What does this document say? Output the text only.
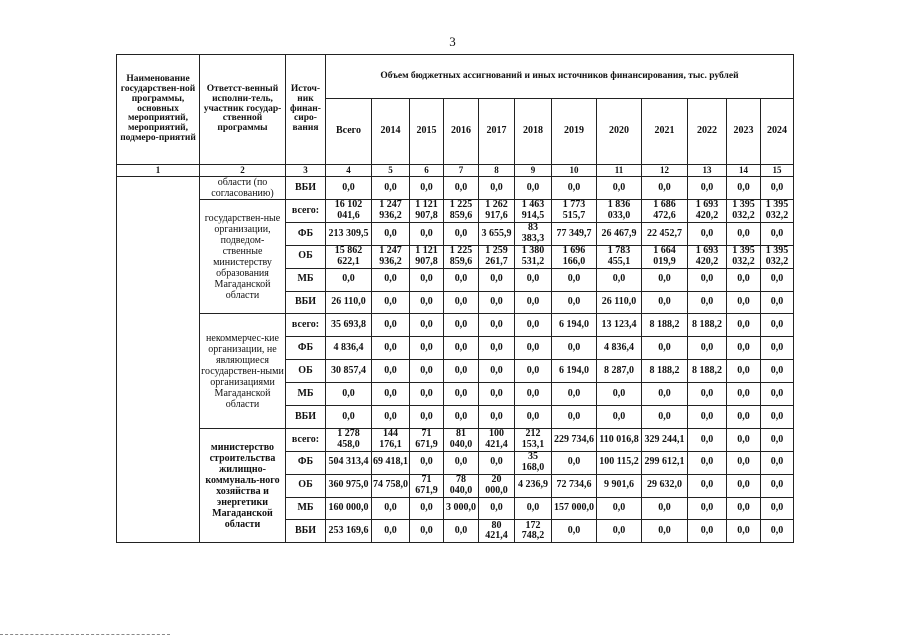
3
Наименование государствен-ной программы, основных мероприятий, мероприятий, подмеро-приятий	Ответст-венный исполни-тель, участник государ-ственной программы	Источ-ник финан-сиро-вания	Объем бюджетных ассигнований и иных источников финансирования, тыс. рублей											
			Всего	2014	2015	2016	2017	2018	2019	2020	2021	2022	2023	2024
1	2	3	4	5	6	7	8	9	10	11	12	13	14	15
	области (по согласованию)	ВБИ	0,0	0,0	0,0	0,0	0,0	0,0	0,0	0,0	0,0	0,0	0,0	0,0
	государствен-ные организации, подведом-ственные министерству образования Магаданской области	всего:	16 102 041,6	1 247 936,2	1 121 907,8	1 225 859,6	1 262 917,6	1 463 914,5	1 773 515,7	1 836 033,0	1 686 472,6	1 693 420,2	1 395 032,2	1 395 032,2
		ФБ	213 309,5	0,0	0,0	0,0	3 655,9	83 383,3	77 349,7	26 467,9	22 452,7	0,0	0,0	0,0
		ОБ	15 862 622,1	1 247 936,2	1 121 907,8	1 225 859,6	1 259 261,7	1 380 531,2	1 696 166,0	1 783 455,1	1 664 019,9	1 693 420,2	1 395 032,2	1 395 032,2
		МБ	0,0	0,0	0,0	0,0	0,0	0,0	0,0	0,0	0,0	0,0	0,0	0,0
		ВБИ	26 110,0	0,0	0,0	0,0	0,0	0,0	0,0	26 110,0	0,0	0,0	0,0	0,0
	некоммерчес-кие организации, не являющиеся государствен-ными организациями Магаданской области	всего:	35 693,8	0,0	0,0	0,0	0,0	0,0	6 194,0	13 123,4	8 188,2	8 188,2	0,0	0,0
		ФБ	4 836,4	0,0	0,0	0,0	0,0	0,0	0,0	4 836,4	0,0	0,0	0,0	0,0
		ОБ	30 857,4	0,0	0,0	0,0	0,0	0,0	6 194,0	8 287,0	8 188,2	8 188,2	0,0	0,0
		МБ	0,0	0,0	0,0	0,0	0,0	0,0	0,0	0,0	0,0	0,0	0,0	0,0
		ВБИ	0,0	0,0	0,0	0,0	0,0	0,0	0,0	0,0	0,0	0,0	0,0	0,0
	министерство строительства жилищно-коммуналь-ного хозяйства и энергетики Магаданской области	всего:	1 278 458,0	144 176,1	71 671,9	81 040,0	100 421,4	212 153,1	229 734,6	110 016,8	329 244,1	0,0	0,0	0,0
		ФБ	504 313,4	69 418,1	0,0	0,0	0,0	35 168,0	0,0	100 115,2	299 612,1	0,0	0,0	0,0
		ОБ	360 975,0	74 758,0	71 671,9	78 040,0	20 000,0	4 236,9	72 734,6	9 901,6	29 632,0	0,0	0,0	0,0
		МБ	160 000,0	0,0	0,0	3 000,0	0,0	0,0	157 000,0	0,0	0,0	0,0	0,0	0,0
		ВБИ	253 169,6	0,0	0,0	0,0	80 421,4	172 748,2	0,0	0,0	0,0	0,0	0,0	0,0
